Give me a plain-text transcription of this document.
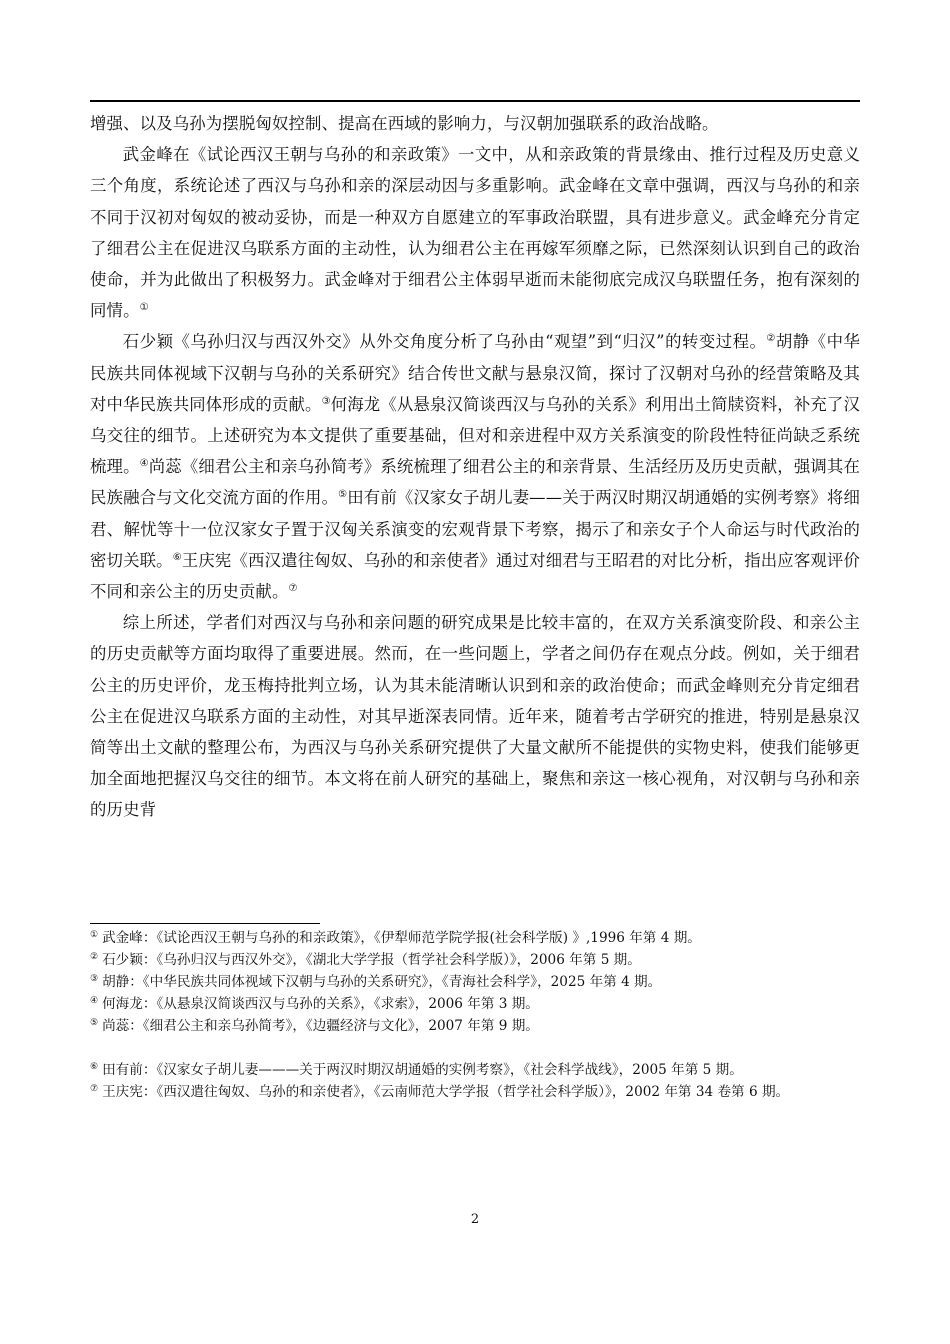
增强、以及乌孙为摆脱匈奴控制、提高在西域的影响力，与汉朝加强联系的政治战略。

武金峰在《试论西汉王朝与乌孙的和亲政策》一文中，从和亲政策的背景缘由、推行过程及历史意义三个角度，系统论述了西汉与乌孙和亲的深层动因与多重影响。武金峰在文章中强调，西汉与乌孙的和亲不同于汉初对匈奴的被动妥协，而是一种双方自愿建立的军事政治联盟，具有进步意义。武金峰充分肯定了细君公主在促进汉乌联系方面的主动性，认为细君公主在再嫁军须靡之际，已然深刻认识到自己的政治使命，并为此做出了积极努力。武金峰对于细君公主体弱早逝而未能彻底完成汉乌联盟任务，抱有深刻的同情。①

石少颖《乌孙归汉与西汉外交》从外交角度分析了乌孙由“观望”到“归汉”的转变过程。②胡静《中华民族共同体视域下汉朝与乌孙的关系研究》结合传世文献与悬泉汉简，探讨了汉朝对乌孙的经营策略及其对中华民族共同体形成的贡献。③何海龙《从悬泉汉简谈西汉与乌孙的关系》利用出土简牍资料，补充了汉乌交往的细节。上述研究为本文提供了重要基础，但对和亲进程中双方关系演变的阶段性特征尚缺乏系统梳理。④尚蕊《细君公主和亲乌孙简考》系统梳理了细君公主的和亲背景、生活经历及历史贡献，强调其在民族融合与文化交流方面的作用。⑤田有前《汉家女子胡儿妻——关于两汉时期汉胡通婚的实例考察》将细君、解忧等十一位汉家女子置于汉匈关系演变的宏观背景下考察，揭示了和亲女子个人命运与时代政治的密切关联。⑥王庆宪《西汉遣往匈奴、乌孙的和亲使者》通过对细君与王昭君的对比分析，指出应客观评价不同和亲公主的历史贡献。⑦

综上所述，学者们对西汉与乌孙和亲问题的研究成果是比较丰富的，在双方关系演变阶段、和亲公主的历史贡献等方面均取得了重要进展。然而，在一些问题上，学者之间仍存在观点分歧。例如，关于细君公主的历史评价，龙玉梅持批判立场，认为其未能清晰认识到和亲的政治使命；而武金峰则充分肯定细君公主在促进汉乌联系方面的主动性，对其早逝深表同情。近年来，随着考古学研究的推进，特别是悬泉汉简等出土文献的整理公布，为西汉与乌孙关系研究提供了大量文献所不能提供的实物史料，使我们能够更加全面地把握汉乌交往的细节。本文将在前人研究的基础上，聚焦和亲这一核心视角，对汉朝与乌孙和亲的历史背

① 武金峰：《试论西汉王朝与乌孙的和亲政策》，《伊犁师范学院学报(社会科学版) 》,1996 年第 4 期。
② 石少颖：《乌孙归汉与西汉外交》，《湖北大学学报（哲学社会科学版）》，2006 年第 5 期。
③ 胡静：《中华民族共同体视域下汉朝与乌孙的关系研究》，《青海社会科学》，2025 年第 4 期。
④ 何海龙：《从悬泉汉简谈西汉与乌孙的关系》，《求索》，2006 年第 3 期。
⑤ 尚蕊：《细君公主和亲乌孙简考》，《边疆经济与文化》，2007 年第 9 期。
⑥ 田有前：《汉家女子胡儿妻———关于两汉时期汉胡通婚的实例考察》，《社会科学战线》，2005 年第 5 期。
⑦ 王庆宪：《西汉遣往匈奴、乌孙的和亲使者》，《云南师范大学学报（哲学社会科学版）》，2002 年第 34 卷第 6 期。
2
